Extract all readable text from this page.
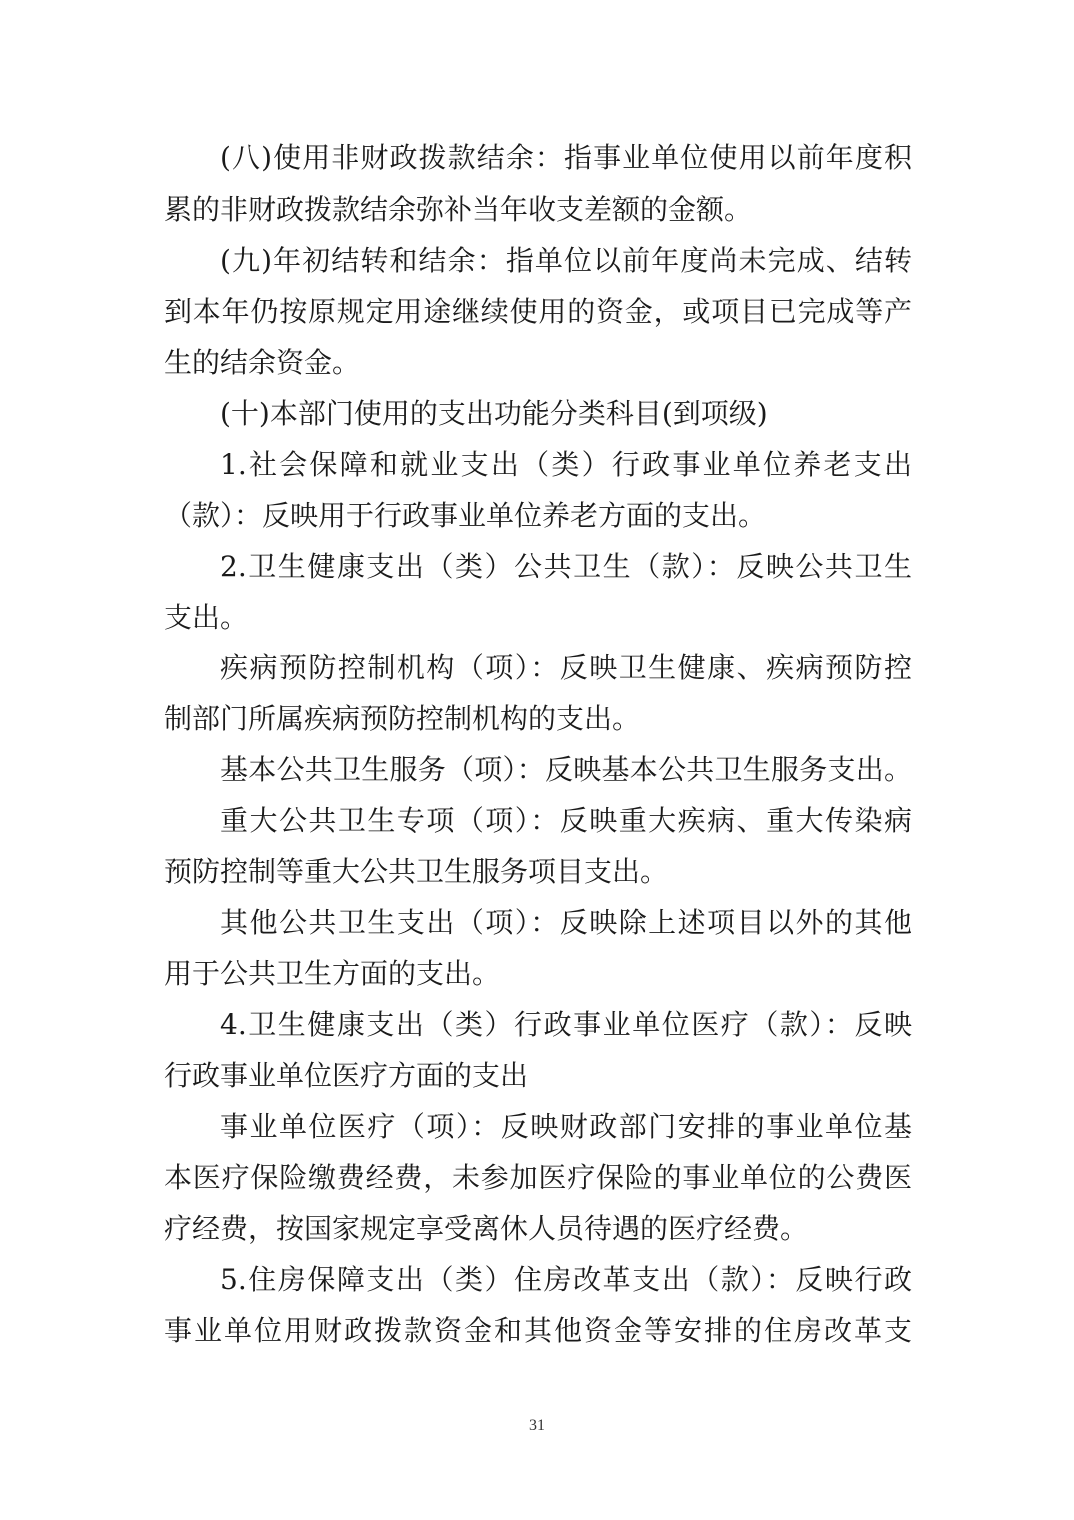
(八)使用非财政拨款结余：指事业单位使用以前年度积
累的非财政拨款结余弥补当年收支差额的金额。
(九)年初结转和结余：指单位以前年度尚未完成、结转
到本年仍按原规定用途继续使用的资金，或项目已完成等产
生的结余资金。
(十)本部门使用的支出功能分类科目(到项级)
1.社会保障和就业支出（类）行政事业单位养老支出
（款）：反映用于行政事业单位养老方面的支出。
2.卫生健康支出（类）公共卫生（款）：反映公共卫生
支出。
疾病预防控制机构（项）：反映卫生健康、疾病预防控
制部门所属疾病预防控制机构的支出。
基本公共卫生服务（项）：反映基本公共卫生服务支出。
重大公共卫生专项（项）：反映重大疾病、重大传染病
预防控制等重大公共卫生服务项目支出。
其他公共卫生支出（项）：反映除上述项目以外的其他
用于公共卫生方面的支出。
4.卫生健康支出（类）行政事业单位医疗（款）：反映
行政事业单位医疗方面的支出
事业单位医疗（项）：反映财政部门安排的事业单位基
本医疗保险缴费经费，未参加医疗保险的事业单位的公费医
疗经费，按国家规定享受离休人员待遇的医疗经费。
5.住房保障支出（类）住房改革支出（款）：反映行政
事业单位用财政拨款资金和其他资金等安排的住房改革支
31
